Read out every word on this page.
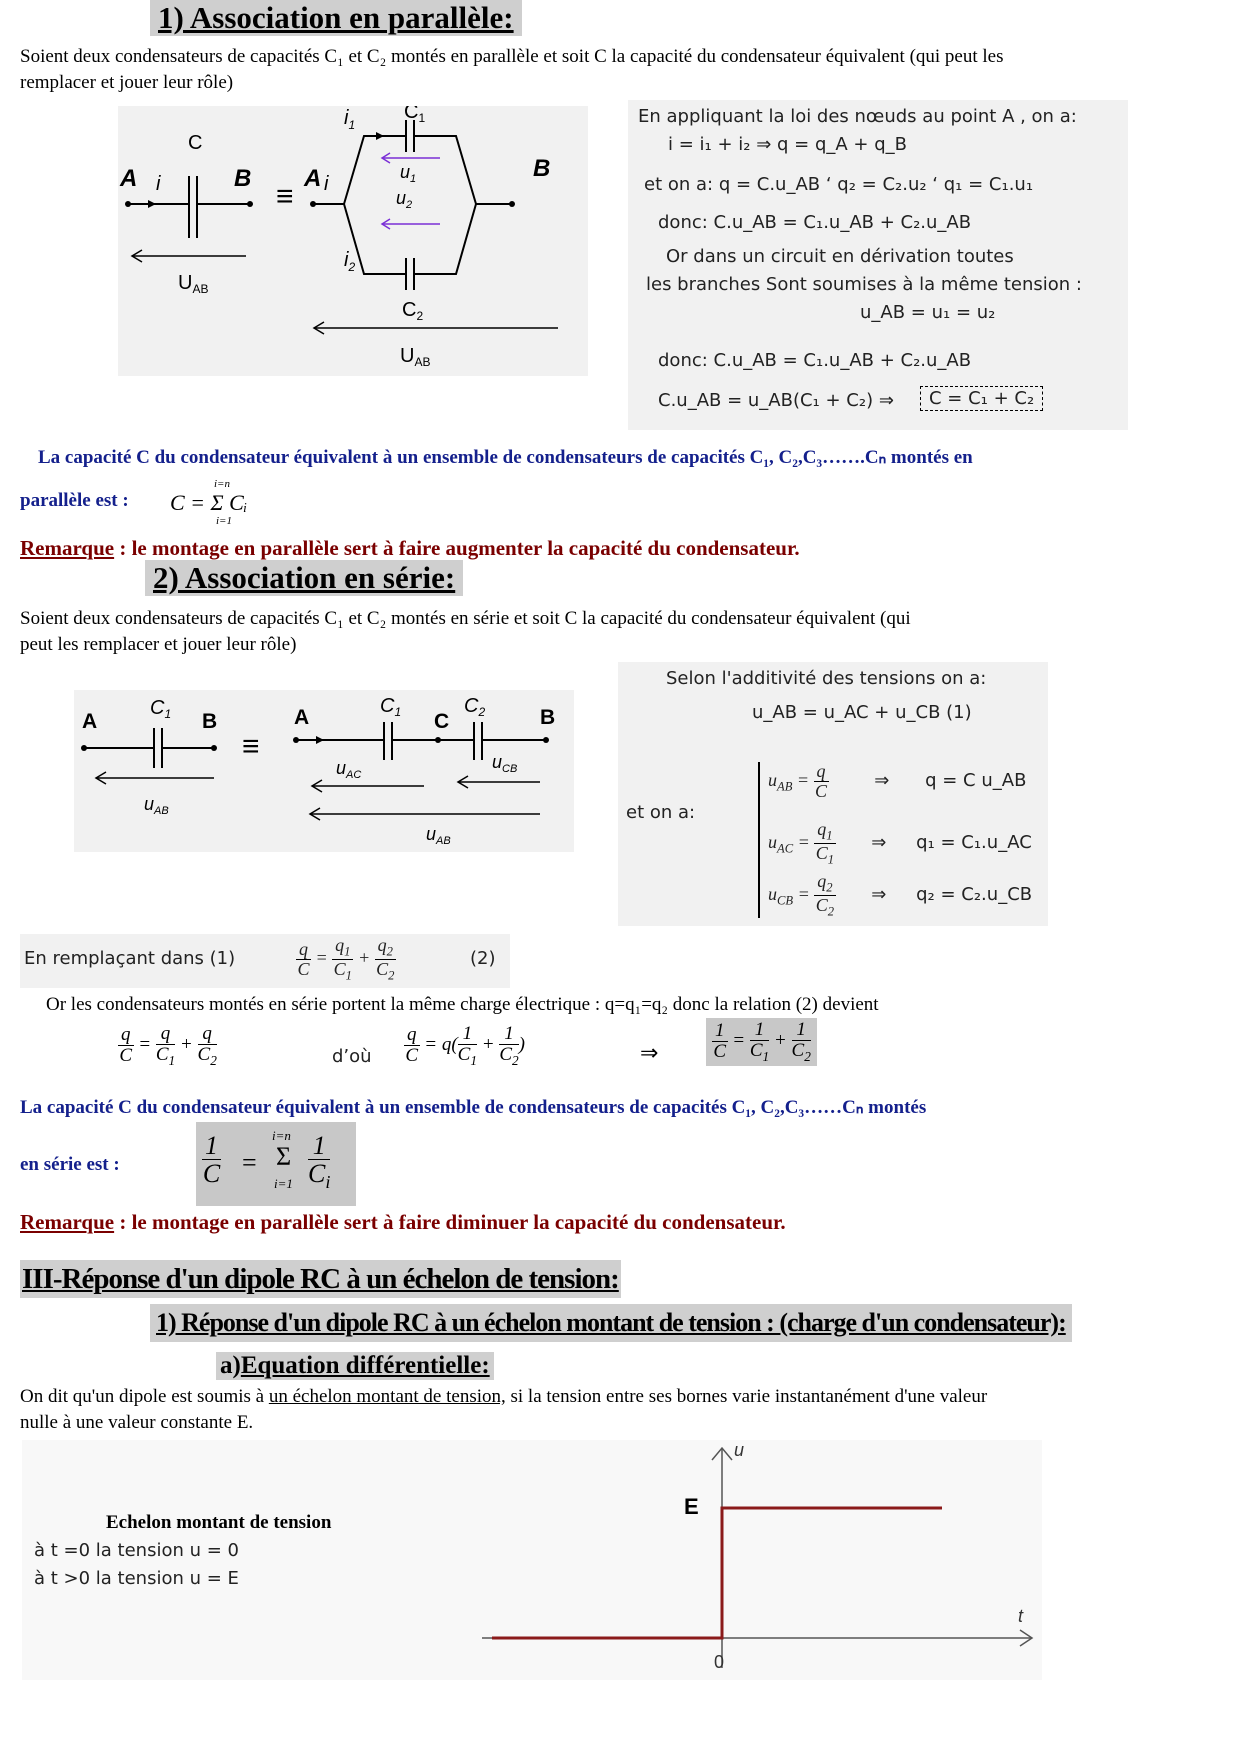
1) Association en parallèle:
Soient deux condensateurs de capacités C₁ et C₂ montés en parallèle et soit C la capacité du condensateur équivalent (qui peut les
remplacer et jouer leur rôle)
C
A i	B
$U_{AB}$
≡
A i
B
$i_1$
$i_2$
$C_1$
$C_2$
$u_1$
$u_2$
$U_{AB}$
En appliquant la loi des nœuds au point A , on a:
i = i₁ + i₂ ⇒ q = q_A + q_B
et on a: q = C.u_AB ‘ q₂ = C₂.u₂ ‘ q₁ = C₁.u₁
donc: C.u_AB = C₁.u_AB + C₂.u_AB
Or dans un circuit en dérivation toutes
les branches Sont soumises à la même tension :
u_AB = u₁ = u₂
donc: C.u_AB = C₁.u_AB + C₂.u_AB
C.u_AB = u_AB(C₁ + C₂) ⇒	C = C₁ + C₂
La capacité C du condensateur équivalent à un ensemble de condensateurs de capacités C₁, C₂,C₃…….Cₙ montés en
parallèle est :
i=n
C = Σ Cᵢ
i=1
Remarque : le montage en parallèle sert à faire augmenter la capacité du condensateur.
2) Association en série:
Soient deux condensateurs de capacités C₁ et C₂ montés en série et soit C la capacité du condensateur équivalent (qui
peut les remplacer et jouer leur rôle)
A
$C_1$ B
$u_{AB}$
≡
A	$C_1$ C
$C_2$	B
$u_{AC}$
$u_{CB}$
$u_{AB}$
Selon l'additivité des tensions on a:
u_AB = u_AC + u_CB (1)
et on a:
$u_{AB} = \frac{q}{C}$	⇒ q = C u_AB
$u_{AC} = \frac{q_1}{C_1}$ ⇒ q₁ = C₁.u_AC
$u_{CB} = \frac{q_2}{C_2}$ ⇒ q₂ = C₂.u_CB
En remplaçant dans (1)	$\frac{q}{C} = \frac{q_1}{C_1} + \frac{q_2}{C_2}$	(2)
Or les condensateurs montés en série portent la même charge électrique : q=q₁=q₂ donc la relation (2) devient
$\frac{q}{C} = \frac{q}{C_1} + \frac{q}{C_2}$	d’où $\frac{q}{C} = q( \frac{1}{C_1} + \frac{1}{C_2}$ )	⇒	$\frac{1}{C} = \frac{1}{C_1} + \frac{1}{C_2}$
La capacité C du condensateur équivalent à un ensemble de condensateurs de capacités C₁, C₂,C₃……Cₙ montés
en série est :	$\frac{1}{C}$ =
i=n
Σ
$i=1 \frac{1}{C_i}$
Remarque : le montage en parallèle sert à faire diminuer la capacité du condensateur.
III-Réponse d'un dipole RC à un échelon de tension:
1) Réponse d'un dipole RC à un échelon montant de tension : (charge d'un condensateur):
a)Equation différentielle:
On dit qu'un dipole est soumis à un échelon montant de tension, si la tension entre ses bornes varie instantanément d'une valeur
nulle à une valeur constante E.
Echelon montant de tension
à t =0 la tension u = 0
à t >0 la tension u = E
u
t
0
E
